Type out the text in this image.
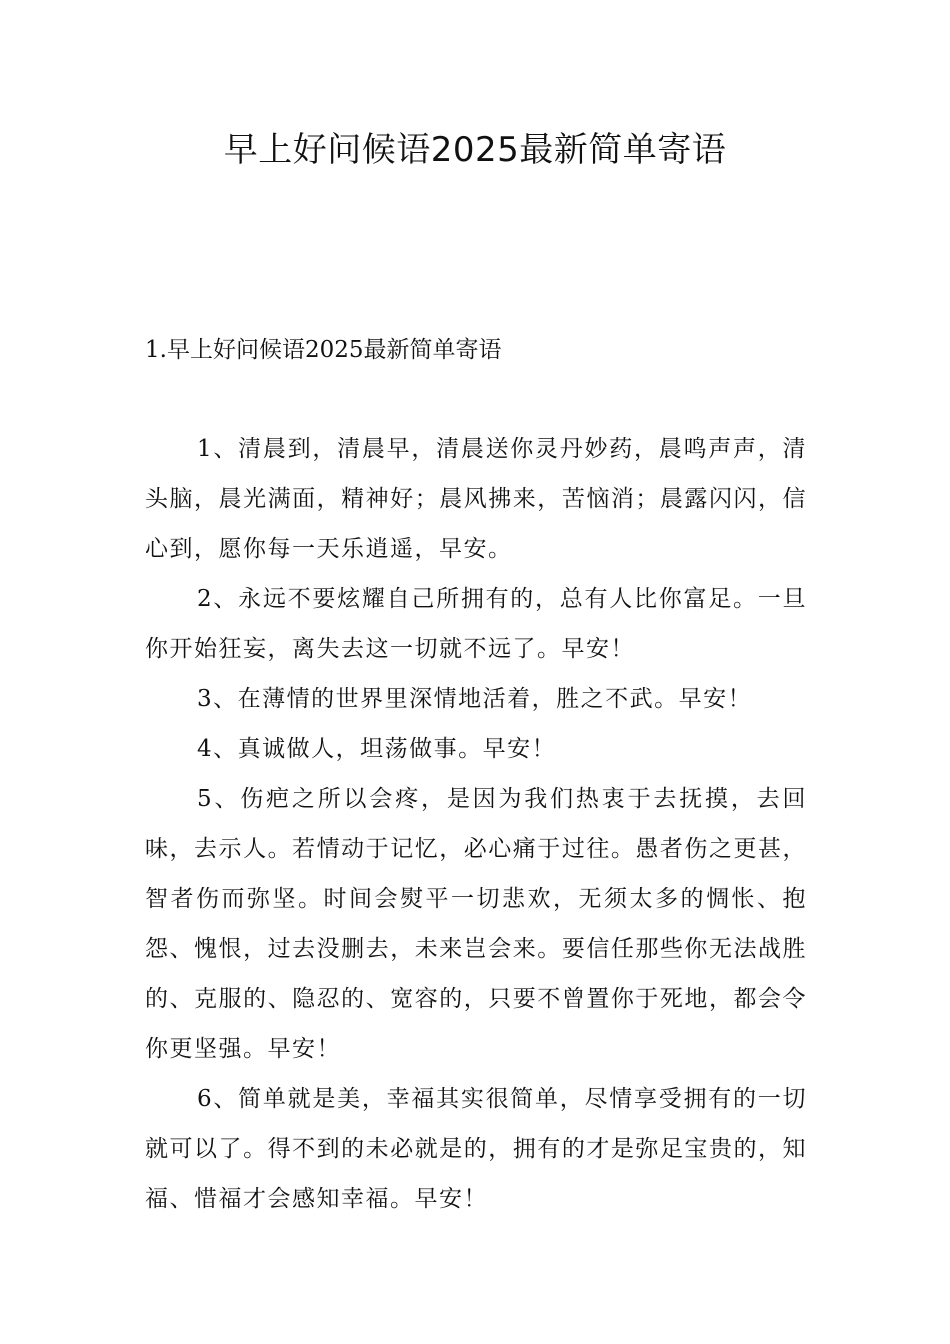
早上好问候语2025最新简单寄语
1.早上好问候语2025最新简单寄语

1、清晨到，清晨早，清晨送你灵丹妙药，晨鸣声声，清头脑，晨光满面，精神好；晨风拂来，苦恼消；晨露闪闪，信心到，愿你每一天乐逍遥，早安。

2、永远不要炫耀自己所拥有的，总有人比你富足。一旦你开始狂妄，离失去这一切就不远了。早安！

3、在薄情的世界里深情地活着，胜之不武。早安！

4、真诚做人，坦荡做事。早安！

5、伤疤之所以会疼，是因为我们热衷于去抚摸，去回味，去示人。若情动于记忆，必心痛于过往。愚者伤之更甚，智者伤而弥坚。时间会熨平一切悲欢，无须太多的惆怅、抱怨、愧恨，过去没删去，未来岂会来。要信任那些你无法战胜的、克服的、隐忍的、宽容的，只要不曾置你于死地，都会令你更坚强。早安！

6、简单就是美，幸福其实很简单，尽情享受拥有的一切就可以了。得不到的未必就是的，拥有的才是弥足宝贵的，知福、惜福才会感知幸福。早安！
